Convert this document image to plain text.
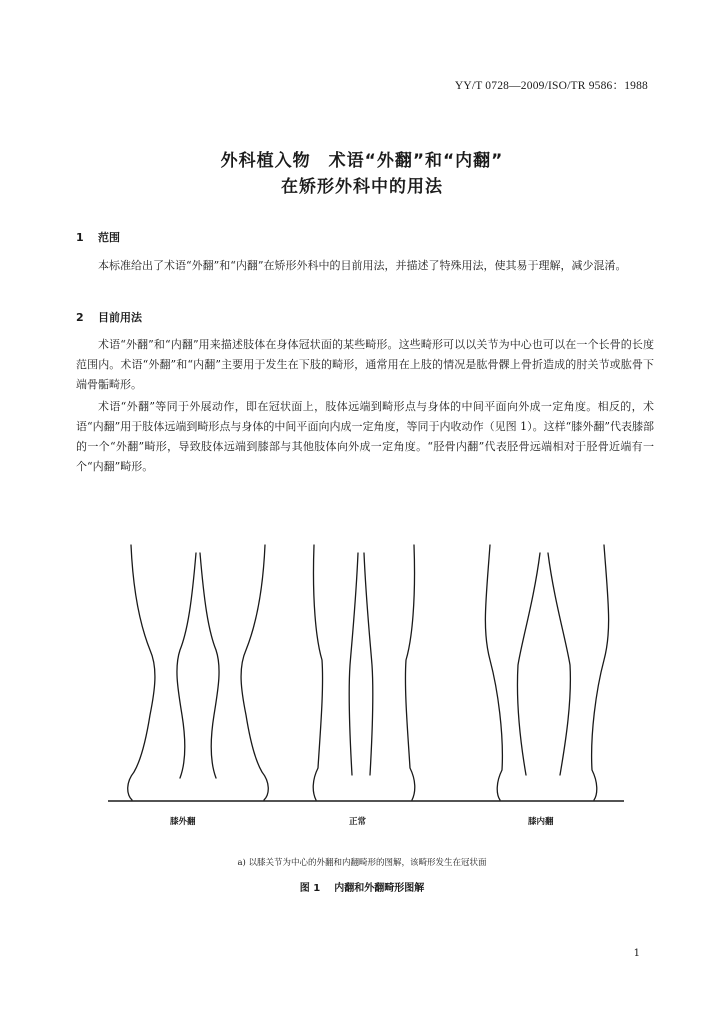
YY/T 0728—2009/ISO/TR 9586：1988
外科植入物　术语“外翻”和“内翻”
在矫形外科中的用法
1 范围
本标准给出了术语“外翻”和“内翻”在矫形外科中的目前用法，并描述了特殊用法，使其易于理解，减少混淆。
2 目前用法
术语“外翻”和“内翻”用来描述肢体在身体冠状面的某些畸形。这些畸形可以以关节为中心也可以在一个长骨的长度范围内。术语“外翻”和“内翻”主要用于发生在下肢的畸形，通常用在上肢的情况是肱骨髁上骨折造成的肘关节或肱骨下端骨骺畸形。
术语“外翻”等同于外展动作，即在冠状面上，肢体远端到畸形点与身体的中间平面向外成一定角度。相反的，术语“内翻”用于肢体远端到畸形点与身体的中间平面向内成一定角度，等同于内收动作（见图 1）。这样“膝外翻”代表膝部的一个“外翻”畸形，导致肢体远端到膝部与其他肢体向外成一定角度。“胫骨内翻”代表胫骨远端相对于胫骨近端有一个“内翻”畸形。
膝外翻	正常	膝内翻
a) 以膝关节为中心的外翻和内翻畸形的图解，该畸形发生在冠状面
图 1 内翻和外翻畸形图解
1
